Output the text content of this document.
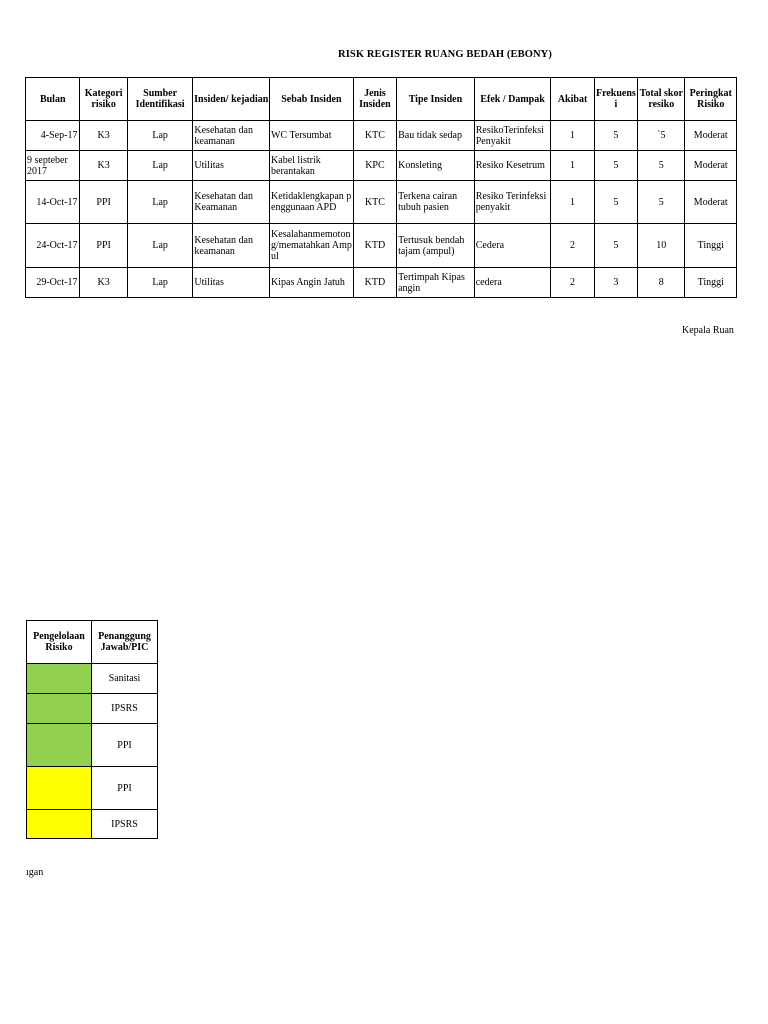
RISK REGISTER RUANG BEDAH (EBONY)
Bulan	Kategori risiko	Sumber Identifikasi	Insiden/ kejadian	Sebab Insiden	Jenis Insiden	Tipe Insiden	Efek / Dampak	Akibat	Frekuensi	Total skor resiko	Peringkat Risiko
4-Sep-17	K3	Lap	Kesehatan dan keamanan	WC Tersumbat	KTC	Bau tidak sedap	ResikoTerinfeksi Penyakit	1	5	`5	Moderat
9 septeber 2017	K3	Lap	Utilitas	Kabel listrik berantakan	KPC	Konsleting	Resiko Kesetrum	1	5	5	Moderat
14-Oct-17	PPI	Lap	Kesehatan dan Keamanan	Ketidaklengkapan penggunaan APD	KTC	Terkena cairan tubuh pasien	Resiko Terinfeksi penyakit	1	5	5	Moderat
24-Oct-17	PPI	Lap	Kesehatan dan keamanan	Kesalahanmemotong/mematahkan Ampul	KTD	Tertusuk bendah tajam (ampul)	Cedera	2	5	10	Tinggi
29-Oct-17	K3	Lap	Utilitas	Kipas Angin Jatuh	KTD	Tertimpah Kipas angin	cedera	2	3	8	Tinggi
Kepala Ruan
Pengelolaan Risiko	Penanggung Jawab/PIC
	Sanitasi
	IPSRS
	PPI
	PPI
	IPSRS
ıgan
